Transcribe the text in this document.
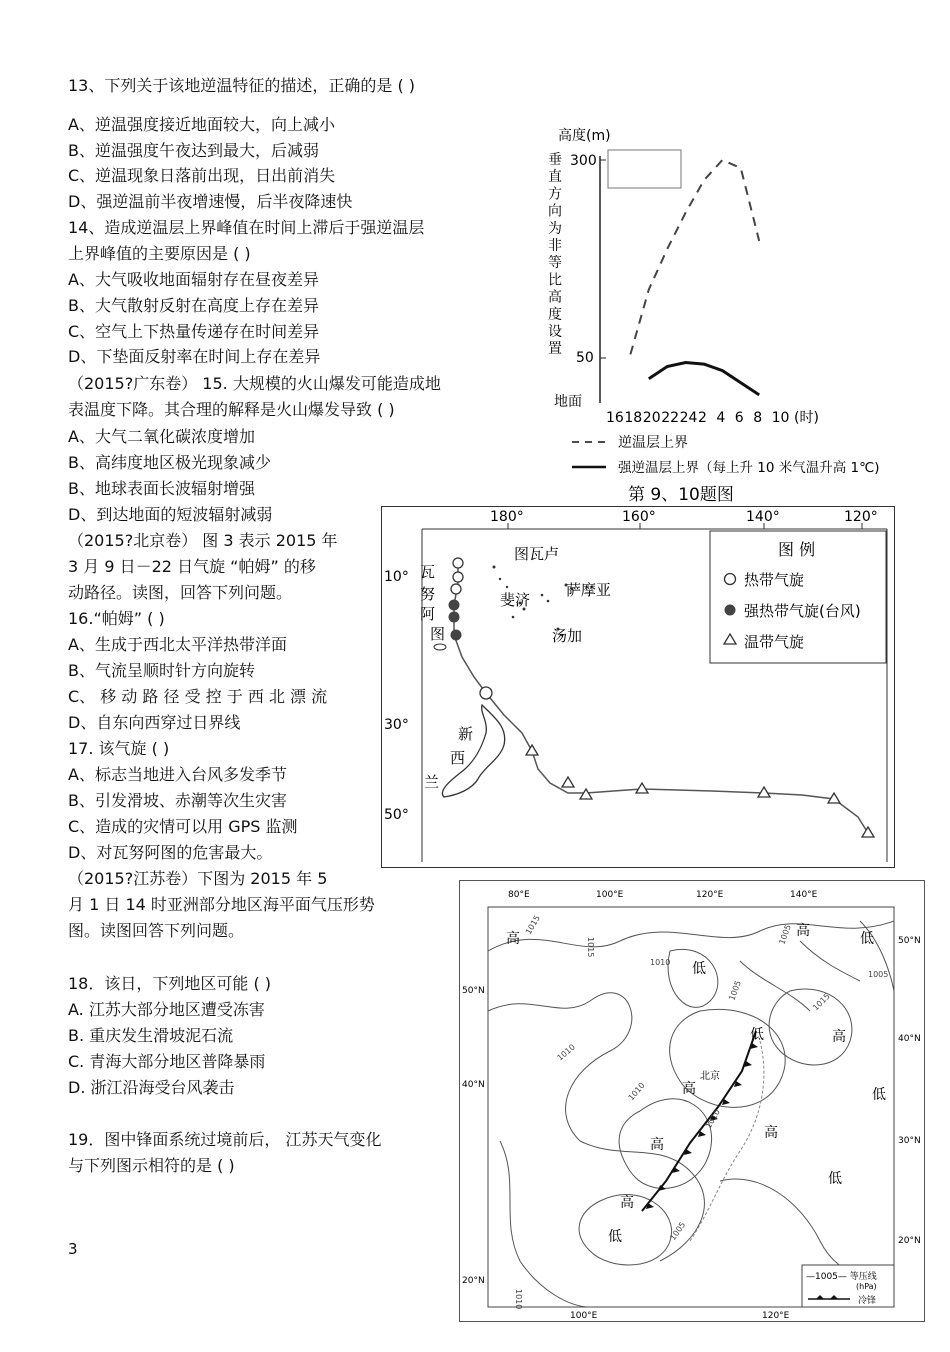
13、下列关于该地逆温特征的描述，正确的是 ( )
A、逆温强度接近地面较大，向上减小
B、逆温强度午夜达到最大，后减弱
C、逆温现象日落前出现，日出前消失
D、强逆温前半夜增速慢，后半夜降速快
14、造成逆温层上界峰值在时间上滞后于强逆温层
上界峰值的主要原因是 ( )
A、大气吸收地面辐射存在昼夜差异
B、大气散射反射在高度上存在差异
C、空气上下热量传递存在时间差异
D、下垫面反射率在时间上存在差异
（2015?广东卷） 15. 大规模的火山爆发可能造成地
表温度下降。其合理的解释是火山爆发导致 ( )
A、大气二氧化碳浓度增加
B、高纬度地区极光现象减少
B、地球表面长波辐射增强
D、到达地面的短波辐射减弱
（2015?北京卷） 图 3 表示 2015 年
3 月 9 日－22 日气旋 “帕姆” 的移
动路径。读图，回答下列问题。
16.“帕姆” ( )
A、生成于西北太平洋热带洋面
B、气流呈顺时针方向旋转
C、 移 动 路 径 受 控 于 西 北 漂 流
D、自东向西穿过日界线
17. 该气旋 ( )
A、标志当地进入台风多发季节
B、引发滑坡、赤潮等次生灾害
C、造成的灾情可以用 GPS 监测
D、对瓦努阿图的危害最大。
（2015?江苏卷）下图为 2015 年 5
月 1 日 14 时亚洲部分地区海平面气压形势
图。读图回答下列问题。
18．该日，下列地区可能 ( )
A. 江苏大部分地区遭受冻害
B. 重庆发生滑坡泥石流
C. 青海大部分地区普降暴雨
D. 浙江沿海受台风袭击
19．图中锋面系统过境前后， 江苏天气变化
与下列图示相符的是 ( )
3
高度(m)
垂
直
方
向
为
非
等
比
高
度
设
置
300
50
地面
16 18 20 22 24 2 4 6 8 10 (时)
逆温层上界
强逆温层上界（每上升 10 米气温升高 1℃)
第 9、10题图
180°	160°	140°	120°
10°
30°
50°
图瓦卢
斐济
萨摩亚
汤加
瓦
努
阿
图
新
西
兰
图 例
热带气旋
强热带气旋(台风)
温带气旋
80°E	100°E	120°E	140°E
100°E	120°E
50°N
40°N
30°N
20°N
50°N
40°N
20°N
高	高
高
高
高
高
高
低
低
低
低
低
低
1015
1015
1010
1005
1005
1015
1010
1010
1005
1005
1010
1010
北京
—1005— 等压线
(hPa)
冷锋
